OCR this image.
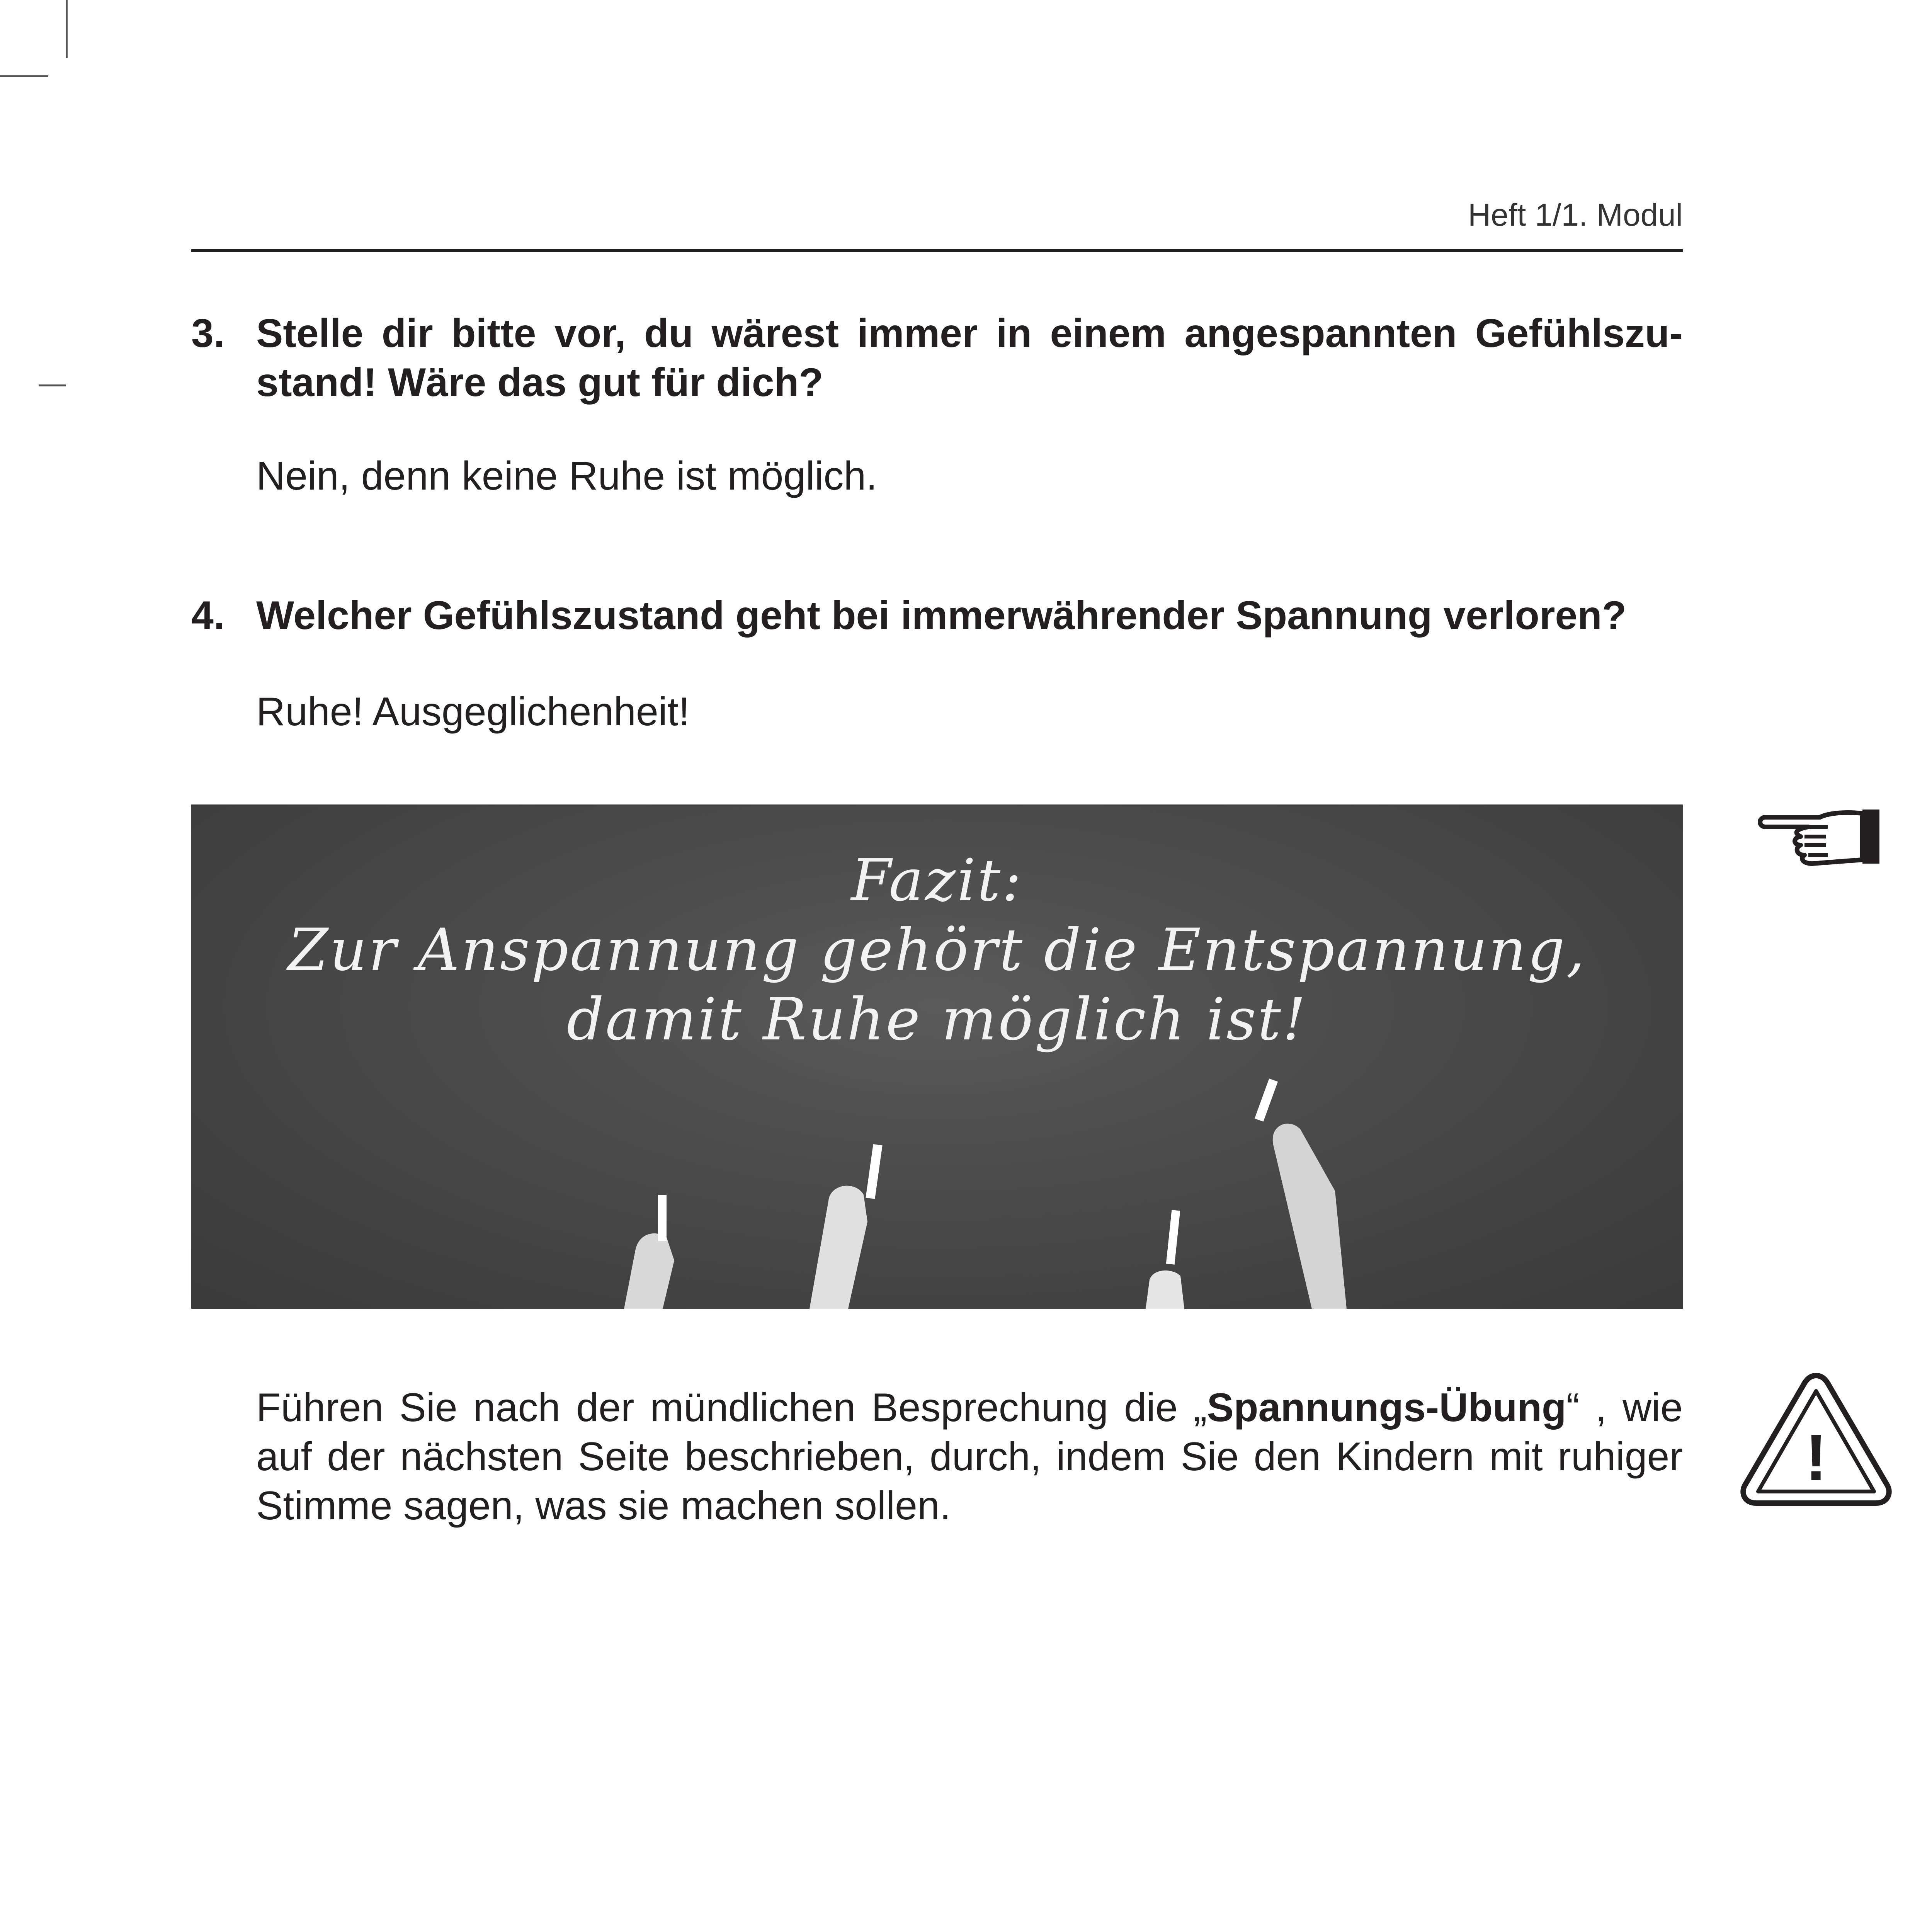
Heft 1/1. Modul
3. Stelle dir bitte vor, du wärest immer in einem angespannten Gefühlszu-stand! Wäre das gut für dich?
Nein, denn keine Ruhe ist möglich.
4. Welcher Gefühlszustand geht bei immerwährender Spannung verloren?
Ruhe! Ausgeglichenheit!
Fazit:
Zur Anspannung gehört die Entspannung,
damit Ruhe möglich ist!
Führen Sie nach der mündlichen Besprechung die „Spannungs-Übung“ , wie auf der nächsten Seite beschrieben, durch, indem Sie den Kindern mit ruhiger Stimme sagen, was sie machen sollen.
!
